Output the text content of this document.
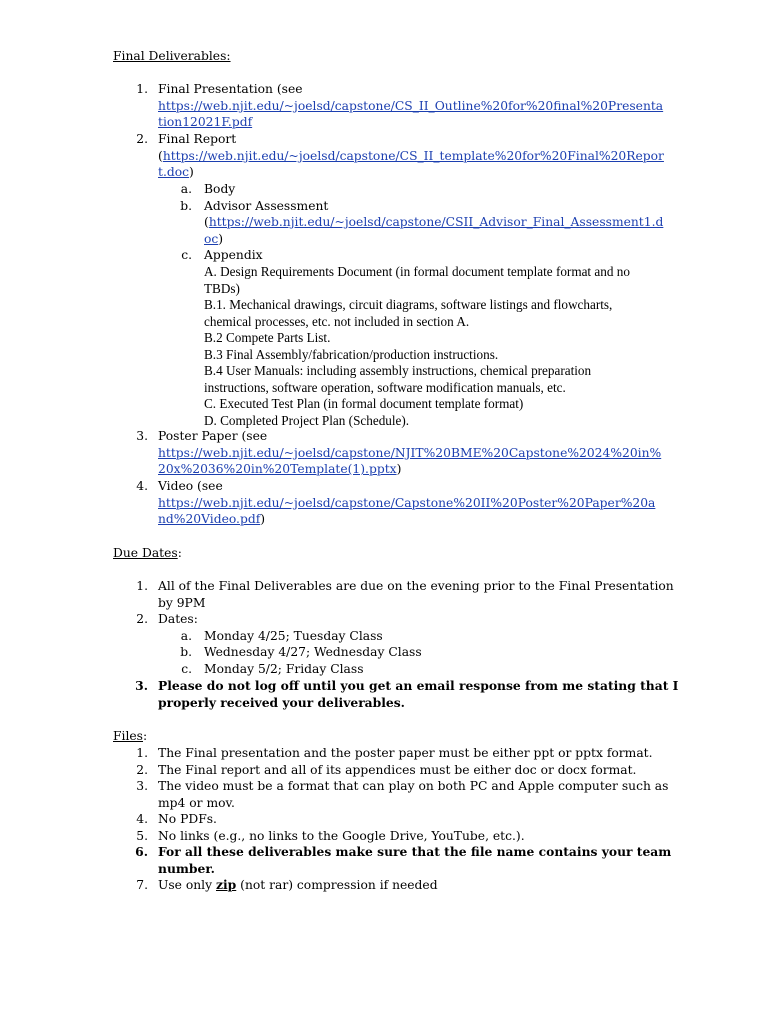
Final Deliverables:
1. Final Presentation (see
https://web.njit.edu/~joelsd/capstone/CS_II_Outline%20for%20final%20Presenta
tion12021F.pdf
2. Final Report
(https://web.njit.edu/~joelsd/capstone/CS_II_template%20for%20Final%20Repor
t.doc)
a. Body
b. Advisor Assessment
(https://web.njit.edu/~joelsd/capstone/CSII_Advisor_Final_Assessment1.d
oc)
c. Appendix
A. Design Requirements Document (in formal document template format and no
TBDs)
B.1. Mechanical drawings, circuit diagrams, software listings and flowcharts,
chemical processes, etc. not included in section A.
B.2 Compete Parts List.
B.3 Final Assembly/fabrication/production instructions.
B.4 User Manuals: including assembly instructions, chemical preparation
instructions, software operation, software modification manuals, etc.
C. Executed Test Plan (in formal document template format)
D. Completed Project Plan (Schedule).
3. Poster Paper (see
https://web.njit.edu/~joelsd/capstone/NJIT%20BME%20Capstone%2024%20in%
20x%2036%20in%20Template(1).pptx)
4. Video (see
https://web.njit.edu/~joelsd/capstone/Capstone%20II%20Poster%20Paper%20a
nd%20Video.pdf)
Due Dates:
1. All of the Final Deliverables are due on the evening prior to the Final Presentation
by 9PM
2. Dates:
a. Monday 4/25; Tuesday Class
b. Wednesday 4/27; Wednesday Class
c. Monday 5/2; Friday Class
3. Please do not log off until you get an email response from me stating that I
properly received your deliverables.
Files:
1. The Final presentation and the poster paper must be either ppt or pptx format.
2. The Final report and all of its appendices must be either doc or docx format.
3. The video must be a format that can play on both PC and Apple computer such as
mp4 or mov.
4. No PDFs.
5. No links (e.g., no links to the Google Drive, YouTube, etc.).
6. For all these deliverables make sure that the file name contains your team
number.
7. Use only zip (not rar) compression if needed
